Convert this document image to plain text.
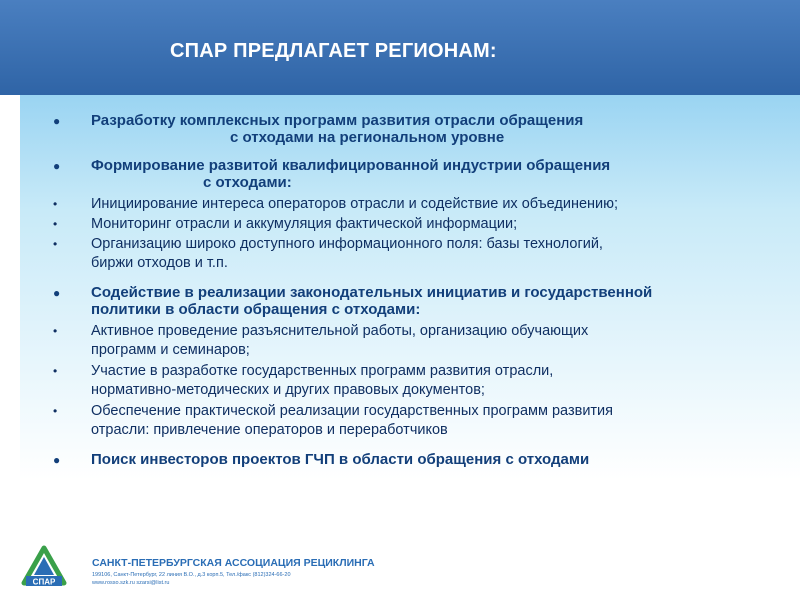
СПАР ПРЕДЛАГАЕТ РЕГИОНАМ:
● Разработку комплексных программ развития отрасли обращения
с отходами на региональном уровне
● Формирование развитой квалифицированной индустрии обращения
с отходами:
• Инициирование интереса операторов отрасли и содействие их объединению;
• Мониторинг отрасли и аккумуляция фактической информации;
• Организацию широко доступного информационного поля: базы технологий,
биржи отходов и т.п.
● Содействие в реализации законодательных инициатив и государственной
политики в области обращения с отходами:
• Активное проведение разъяснительной работы, организацию обучающих
программ и семинаров;
• Участие в разработке государственных программ развития отрасли,
нормативно-методических и других правовых документов;
• Обеспечение практической реализации государственных программ развития
отрасли: привлечение операторов и переработчиков
● Поиск инвесторов проектов ГЧП в области обращения с отходами
СПАР
САНКТ-ПЕТЕРБУРГСКАЯ АССОЦИАЦИЯ РЕЦИКЛИНГА
199106, Санкт-Петербург, 22 линия В.О., д.3 корп.5, Тел./факс (812)324-66-20
www.rosso.szk.ru szarsi@list.ru
